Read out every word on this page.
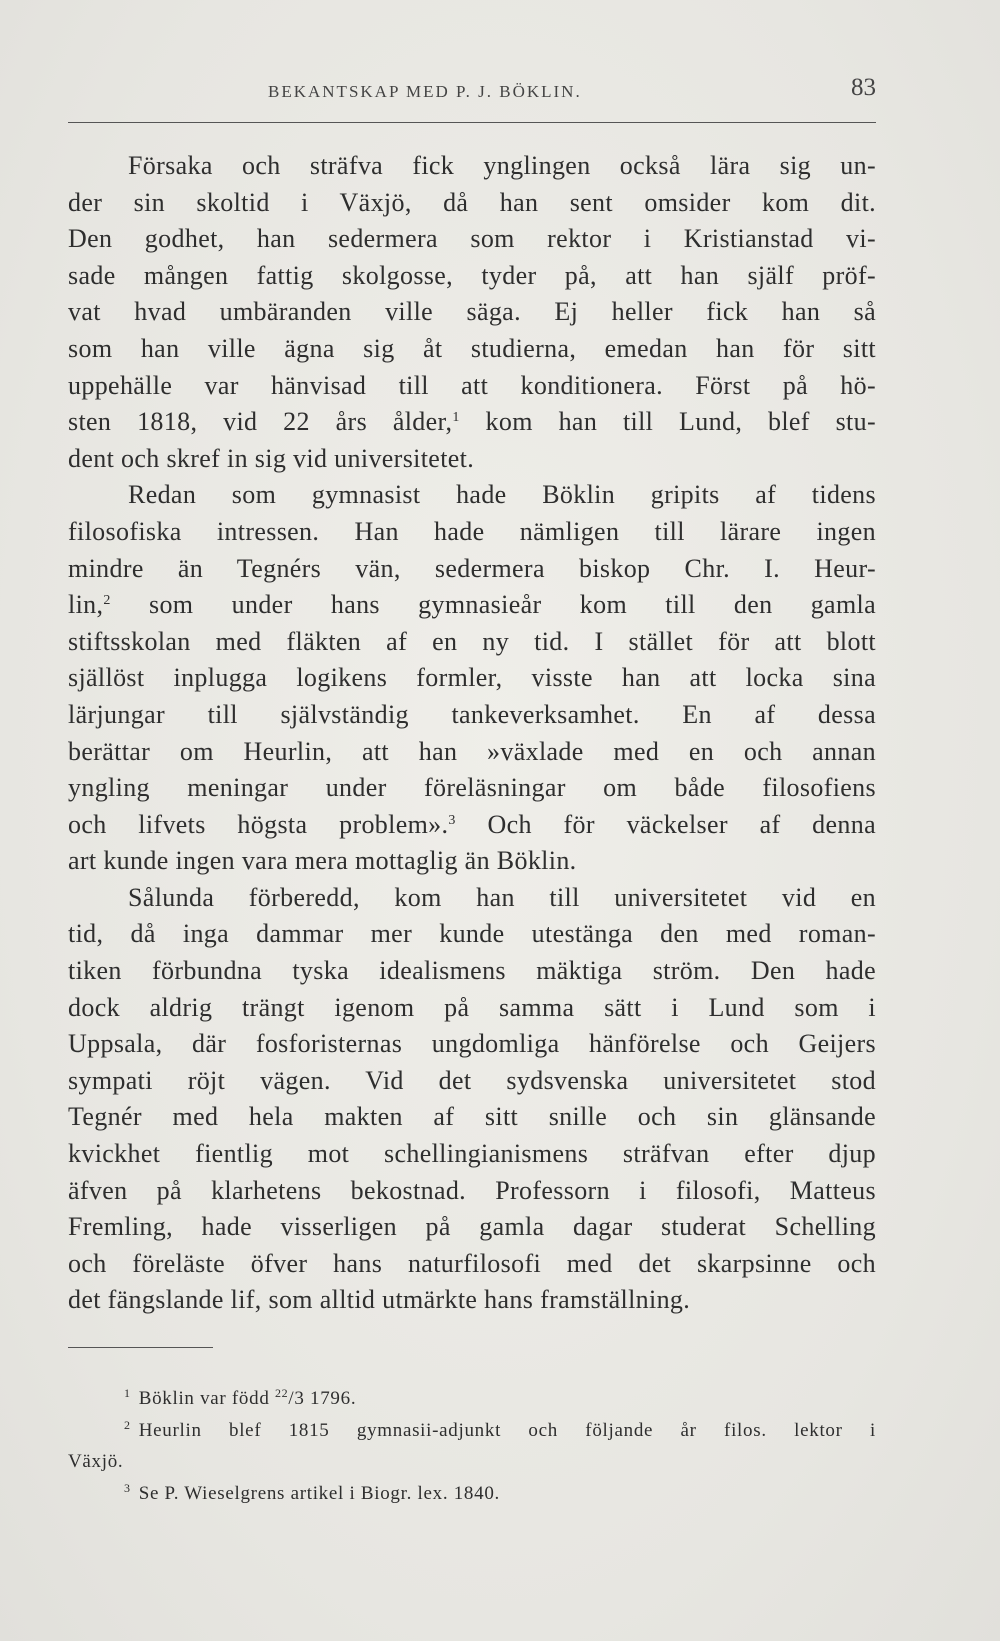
BEKANTSKAP MED P. J. BÖKLIN.	83
Försaka och sträfva fick ynglingen också lära sig un-
der sin skoltid i Växjö, då han sent omsider kom dit.
Den godhet, han sedermera som rektor i Kristianstad vi-
sade mången fattig skolgosse, tyder på, att han själf pröf-
vat hvad umbäranden ville säga. Ej heller fick han så
som han ville ägna sig åt studierna, emedan han för sitt
uppehälle var hänvisad till att konditionera. Först på hö-
sten 1818, vid 22 års ålder,$^1$ kom han till Lund, blef stu-
dent och skref in sig vid universitetet.
Redan som gymnasist hade Böklin gripits af tidens
filosofiska intressen. Han hade nämligen till lärare ingen
mindre än Tegnérs vän, sedermera biskop Chr. I. Heur-
lin,$^2$ som under hans gymnasieår kom till den gamla
stiftsskolan med fläkten af en ny tid. I stället för att blott
själlöst inplugga logikens formler, visste han att locka sina
lärjungar till självständig tankeverksamhet. En af dessa
berättar om Heurlin, att han »växlade med en och annan
yngling meningar under föreläsningar om både filosofiens
och lifvets högsta problem».$^3$ Och för väckelser af denna
art kunde ingen vara mera mottaglig än Böklin.
Sålunda förberedd, kom han till universitetet vid en
tid, då inga dammar mer kunde utestänga den med roman-
tiken förbundna tyska idealismens mäktiga ström. Den hade
dock aldrig trängt igenom på samma sätt i Lund som i
Uppsala, där fosforisternas ungdomliga hänförelse och Geijers
sympati röjt vägen. Vid det sydsvenska universitetet stod
Tegnér med hela makten af sitt snille och sin glänsande
kvickhet fientlig mot schellingianismens sträfvan efter djup
äfven på klarhetens bekostnad. Professorn i filosofi, Matteus
Fremling, hade visserligen på gamla dagar studerat Schelling
och föreläste öfver hans naturfilosofi med det skarpsinne och
det fängslande lif, som alltid utmärkte hans framställning.
$^1$ Böklin var född $^{22}$/3 1796.
$^2$ Heurlin blef 1815 gymnasii-adjunkt och följande år filos. lektor i
Växjö.
$^3$ Se P. Wieselgrens artikel i Biogr. lex. 1840.
